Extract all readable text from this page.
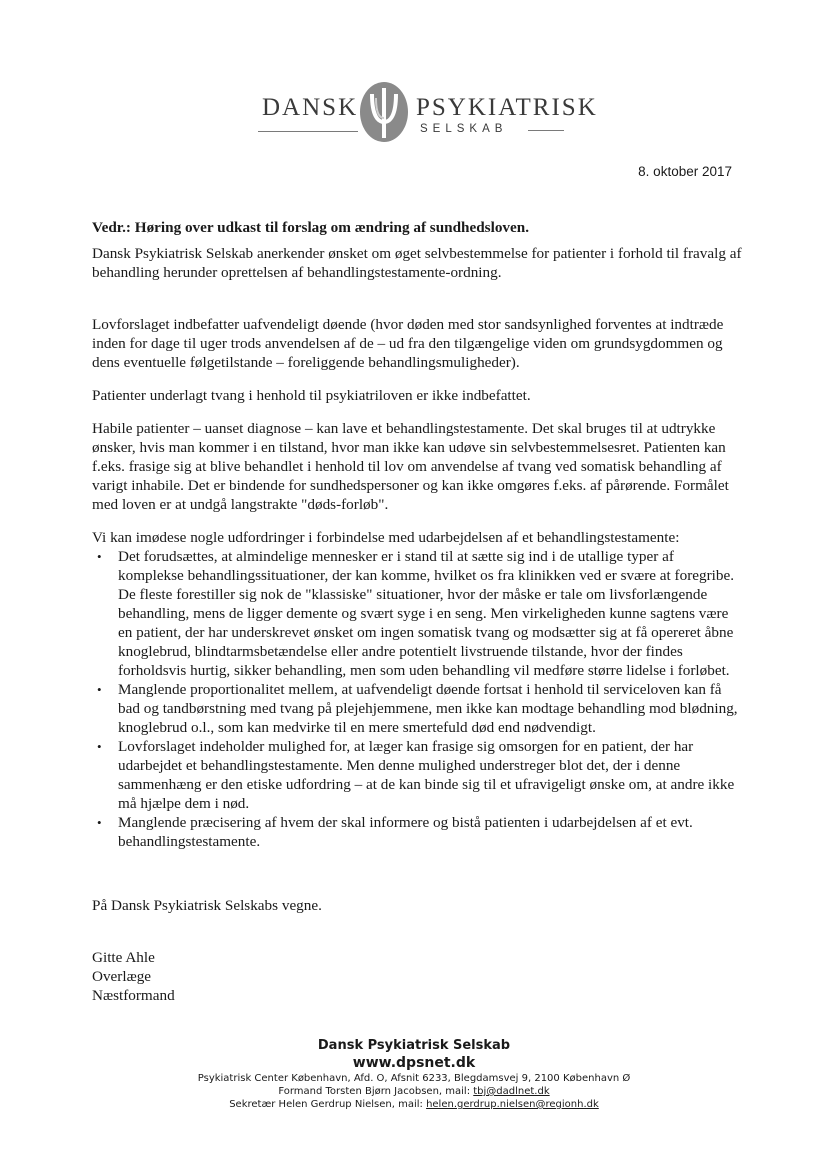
DANSK PSYKIATRISK
SELSKAB
8. oktober 2017

Vedr.: Høring over udkast til forslag om ændring af sundhedsloven.

Dansk Psykiatrisk Selskab anerkender ønsket om øget selvbestemmelse for patienter i forhold til fravalg af behandling herunder oprettelsen af behandlingstestamente-ordning.

Lovforslaget indbefatter uafvendeligt døende (hvor døden med stor sandsynlighed forventes at indtræde inden for dage til uger trods anvendelsen af de – ud fra den tilgængelige viden om grundsygdommen og dens eventuelle følgetilstande – foreliggende behandlingsmuligheder).

Patienter underlagt tvang i henhold til psykiatriloven er ikke indbefattet.

Habile patienter – uanset diagnose – kan lave et behandlingstestamente. Det skal bruges til at udtrykke ønsker, hvis man kommer i en tilstand, hvor man ikke kan udøve sin selvbestemmelsesret. Patienten kan f.eks. frasige sig at blive behandlet i henhold til lov om anvendelse af tvang ved somatisk behandling af varigt inhabile. Det er bindende for sundhedspersoner og kan ikke omgøres f.eks. af pårørende. Formålet med loven er at undgå langstrakte "døds-forløb".

Vi kan imødese nogle udfordringer i forbindelse med udarbejdelsen af et behandlingstestamente:

• Det forudsættes, at almindelige mennesker er i stand til at sætte sig ind i de utallige typer af komplekse behandlingssituationer, der kan komme, hvilket os fra klinikken ved er svære at foregribe. De fleste forestiller sig nok de "klassiske" situationer, hvor der måske er tale om livsforlængende behandling, mens de ligger demente og svært syge i en seng. Men virkeligheden kunne sagtens være en patient, der har underskrevet ønsket om ingen somatisk tvang og modsætter sig at få opereret åbne knoglebrud, blindtarmsbetændelse eller andre potentielt livstruende tilstande, hvor der findes forholdsvis hurtig, sikker behandling, men som uden behandling vil medføre større lidelse i forløbet.
• Manglende proportionalitet mellem, at uafvendeligt døende fortsat i henhold til serviceloven kan få bad og tandbørstning med tvang på plejehjemmene, men ikke kan modtage behandling mod blødning, knoglebrud o.l., som kan medvirke til en mere smertefuld død end nødvendigt.
• Lovforslaget indeholder mulighed for, at læger kan frasige sig omsorgen for en patient, der har udarbejdet et behandlingstestamente. Men denne mulighed understreger blot det, der i denne sammenhæng er den etiske udfordring – at de kan binde sig til et ufravigeligt ønske om, at andre ikke må hjælpe dem i nød.
• Manglende præcisering af hvem der skal informere og bistå patienten i udarbejdelsen af et evt. behandlingstestamente.

På Dansk Psykiatrisk Selskabs vegne.

Gitte Ahle

Overlæge

Næstformand

Dansk Psykiatrisk Selskab
www.dpsnet.dk
Psykiatrisk Center København, Afd. O, Afsnit 6233, Blegdamsvej 9, 2100 København Ø
Formand Torsten Bjørn Jacobsen, mail: tbj@dadlnet.dk
Sekretær Helen Gerdrup Nielsen, mail: helen.gerdrup.nielsen@regionh.dk
